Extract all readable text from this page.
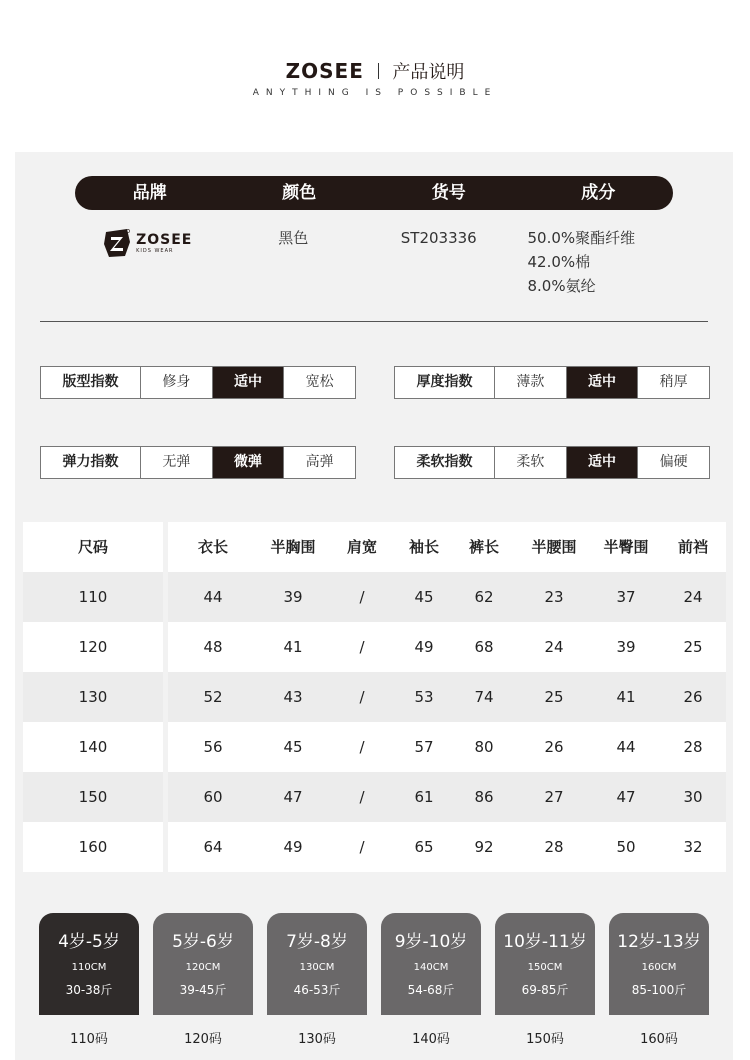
ZOSEE 产品说明
ANYTHING IS POSSIBLE
品牌	颜色	货号	成分
ZOSEE
KIDS WEAR
黑色	ST203336	50.0%聚酯纤维
42.0%棉
8.0%氨纶
版型指数	修身	适中	宽松	厚度指数	薄款	适中	稍厚
弹力指数	无弹	微弹	高弹	柔软指数	柔软	适中	偏硬
尺码	衣长	半胸围	肩宽	袖长	裤长	半腰围	半臀围	前裆
110	44	39	/	45	62	23	37	24
120	48	41	/	49	68	24	39	25
130	52	43	/	53	74	25	41	26
140	56	45	/	57	80	26	44	28
150	60	47	/	61	86	27	47	30
160	64	49	/	65	92	28	50	32
4岁-5岁
110CM
30-38斤
5岁-6岁
120CM
39-45斤
7岁-8岁
130CM
46-53斤
9岁-10岁
140CM
54-68斤
10岁-11岁
150CM
69-85斤
12岁-13岁
160CM
85-100斤
110码	120码	130码	140码	150码	160码
